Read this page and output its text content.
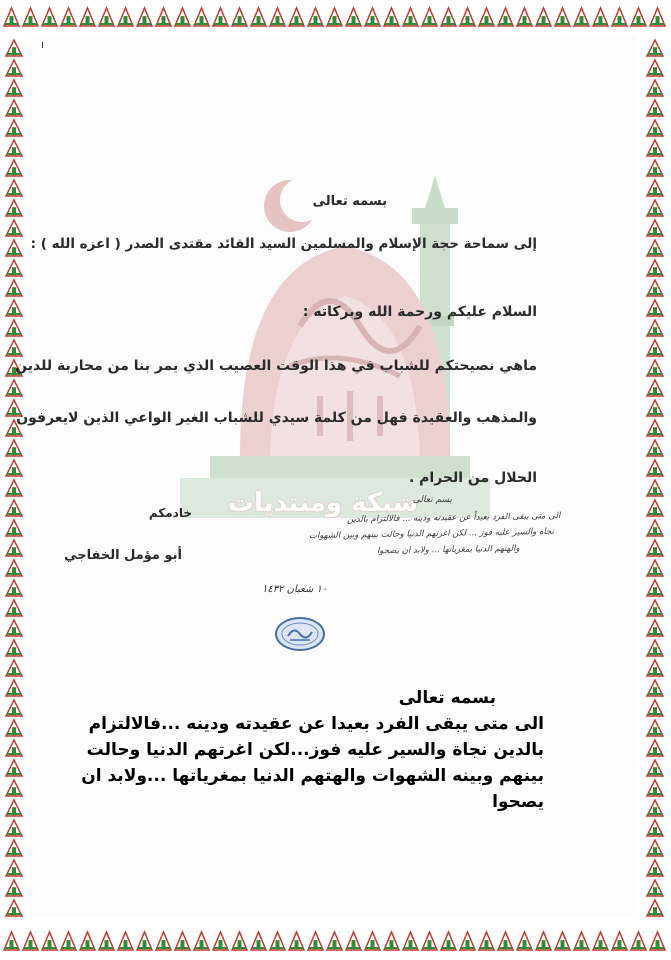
شبكة ومنتديات
بسمه تعالى
إلى سماحة حجة الإسلام والمسلمين السيد القائد مقتدى الصدر ( اعزه الله ) :
السلام عليكم ورحمة الله وبركاته :
ماهي نصيحتكم للشباب في هذا الوقت العصيب الذي يمر بنا من محاربة للدين
والمذهب والعقيدة فهل من كلمة سيدي للشباب الغير الواعي الذين لايعرفون
الحلال من الحرام .
خادمكم
أبو مؤمل الخفاجي
بسم تعالى
الى متى يبقى الفرد بعيداً عن عقيدته ودينه ... فالالتزام بالدين
نجاة والسير عليه فوز ... لكن اغرتهم الدنيا وحالت بينهم وبين الشهوات
والهتهم الدنيا بمغرياتها ... ولابد ان يصحوا
١٠ شعبان ١٤٣٢
بسمه تعالى
الى متى يبقى الفرد بعيدا عن عقيدته ودينه ...فالالتزام
بالدين نجاة والسير عليه فوز...لكن اغرتهم الدنيا وحالت
بينهم وبينه الشهوات والهتهم الدنيا بمغرياتها ...ولابد ان
يصحوا
